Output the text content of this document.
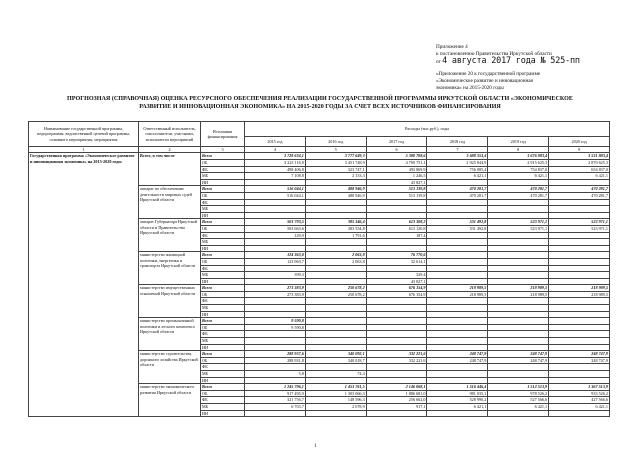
Приложение 4
к постановлению Правительства Иркутской области
от 4 августа 2017 года № 525-пп
«Приложение 20 к государственной программе
«Экономическое развитие и инновационная
экономика» на 2015-2020 годы
ПРОГНОЗНАЯ (СПРАВОЧНАЯ) ОЦЕНКА РЕСУРСНОГО ОБЕСПЕЧЕНИЯ РЕАЛИЗАЦИИ ГОСУДАРСТВЕННОЙ ПРОГРАММЫ ИРКУТСКОЙ ОБЛАСТИ «ЭКОНОМИЧЕСКОЕ
РАЗВИТИЕ И ИННОВАЦИОННАЯ ЭКОНОМИКА» НА 2015-2020 ГОДЫ ЗА СЧЕТ ВСЕХ ИСТОЧНИКОВ ФИНАНСИРОВАНИЯ
Наименование государственной программы, подпрограммы, ведомственной целевой программы, основного мероприятия, мероприятия	Ответственный исполнитель, соисполнители, участники, исполнители мероприятий	Источники финансирования	Расходы (тыс.руб.), годы					
			2015 год	2016 год	2017 год	2018 год	2019 год	2020 год
1	2	3	4	5	6	7	8	9
Государственная программа «Экономическое развитие и инновационная экономика» на 2015-2020 годы	Всего, в том числе	Всего	3 728 634,1	3 777 649,3	5 308 708,6	3 688 353,4	3 676 883,4	3 531 883,4
		ОБ	3 223 116,9	3 451 748,9	4 769 751,1	2 925 844,9	2 915 625,3	2 870 625,3
		ФБ	498 406,8	323 747,1	493 869,9	756 085,4	754 837,0	654 837,0
		МБ	7 108,8	2 153,3	1 246,5	6 421,1	6 421,1	6 421,1
		ИИ			43 827,1			
	аппарат по обеспечению деятельности мировых судей Иркутской области	Всего	516 044,1	488 946,9	513 139,8	470 281,7	470 281,7	470 281,7
		ОБ	516 044,1	488 946,9	513 139,8	470 281,7	470 281,7	470 281,7
		ФБ						
		МБ						
		ИИ						
	аппарат Губернатора Иркутской области и Правительства Иркутской области	Всего	503 793,5	385 346,4	613 308,2	531 492,8	523 971,1	523 971,1
		ОБ	503 663,6	383 554,8	613 120,8	531 492,8	523 971,1	523 971,1
		ФБ	129,9	1 791,6	187,4			
		МБ						
		ИИ						
	министерство жилищной политики, энергетики и транспорта Иркутской области	Всего	124 363,0	2 063,8	76 770,6			
		ОБ	123 963,7	2 063,8	32 614,1			
		ФБ						
		МБ	399,3		329,4			
		ИИ			43 827,1			
	министерство имущественных отношений Иркутской области	Всего	273 383,9	250 678,2	676 154,9	218 989,5	218 989,5	218 989,5
		ОБ	273 383,9	250 678,2	676 154,9	218 989,5	218 989,5	218 989,5
		ФБ						
		МБ						
		ИИ						
	министерство промышленной политики и лесного комплекса Иркутской области	Всего	9 590,8					
		ОБ	9 590,8					
		ФБ						
		МБ						
		ИИ						
	министерство строительства, дорожного хозяйства Иркутской области	Всего	288 937,6	340 092,1	332 221,6	248 747,9	248 747,9	248 747,9
		ОБ	288 931,8	340 018,7	332 221,6	248 747,9	248 747,9	248 747,9
		ФБ						
		МБ	5,8	74,4				
		ИИ						
	министерство экономического развития Иркутской области	Всего	1 245 796,1	1 453 761,5	2 146 068,1	1 516 446,4	1 512 513,9	1 367 513,9
		ОБ	917 495,9	1 303 066,3	1 886 681,0	981 035,1	978 526,2	933 526,2
		ФБ	321 756,7	148 596,3	256 662,0	528 990,2	527 566,6	427 566,6
		МБ	6 703,7	2 078,9	917,1	6 421,1	6 421,1	6 421,1
		ИИ						
1
